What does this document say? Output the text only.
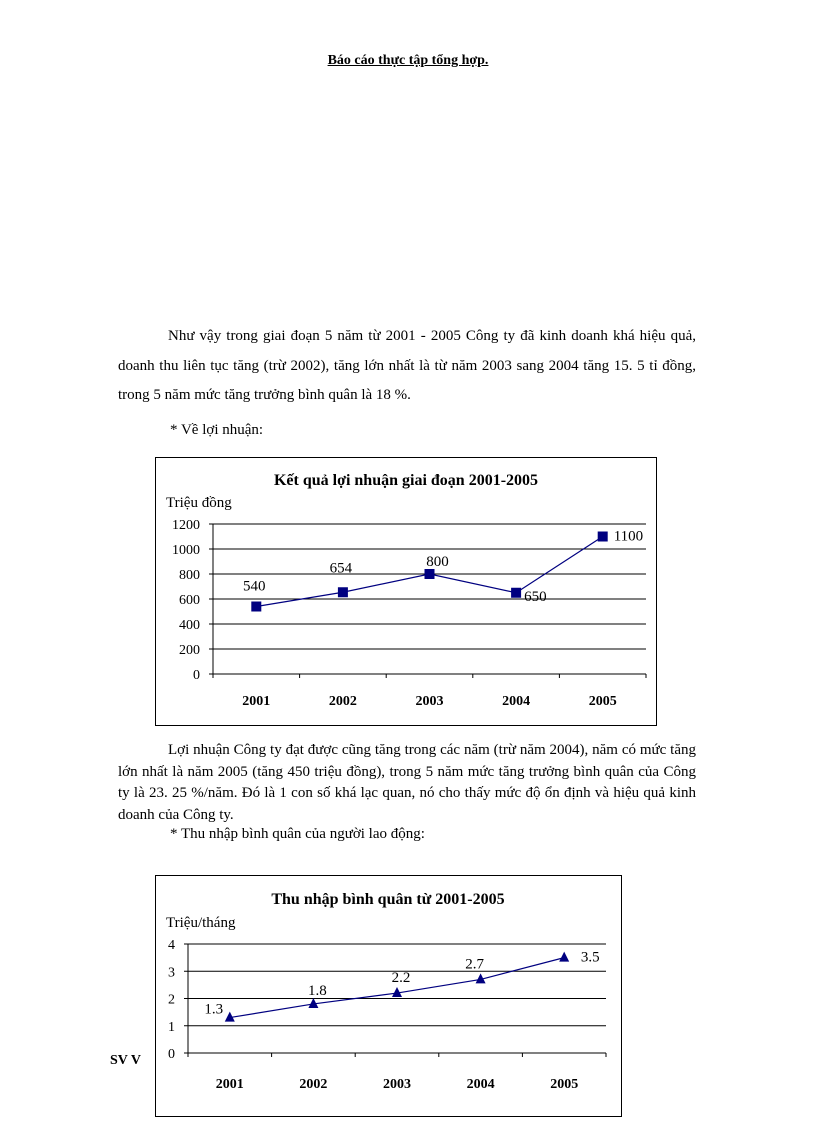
Báo cáo thực tập tổng hợp.

Như vậy trong giai đoạn 5 năm từ 2001 - 2005 Công ty đã kinh doanh khá hiệu quả, doanh thu liên tục tăng (trừ 2002), tăng lớn nhất là từ năm 2003 sang 2004 tăng 15. 5 tỉ đồng, trong 5 năm mức tăng trưởng bình quân là 18 %.

* Về lợi nhuận:
Kết quả lợi nhuận giai đoạn 2001-2005
Triệu đồng
0
200
400
600
800
1000
1200
2001	2002	2003	2004	2005
540
654	800
650
1100

Lợi nhuận Công ty đạt được cũng tăng trong các năm (trừ năm 2004), năm có mức tăng lớn nhất là năm 2005 (tăng 450 triệu đồng), trong 5 năm mức tăng trưởng bình quân của Công ty là 23. 25 %/năm. Đó là 1 con số khá lạc quan, nó cho thấy mức độ ổn định và hiệu quả kinh doanh của Công ty.

* Thu nhập bình quân của người lao động:
Thu nhập bình quân từ 2001-2005
Triệu/tháng
0
1
2
3
4
2001	2002	2003	2004	2005
1.3
1.8
2.2
2.7	3.5
SV V
